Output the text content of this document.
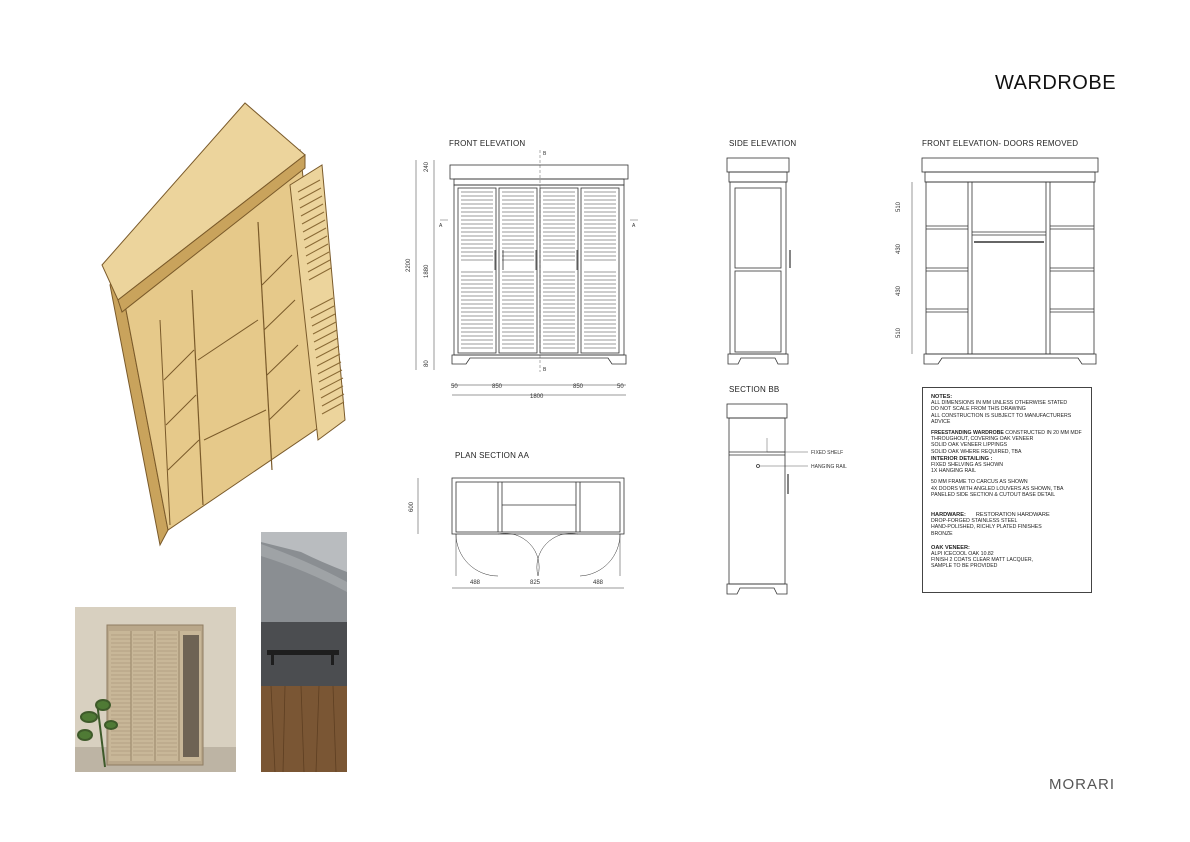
WARDROBE
MORARI
FRONT ELEVATION	SIDE ELEVATION	FRONT ELEVATION- DOORS REMOVED
PLAN SECTION AA
SECTION BB
240
2200 1880
80
50	850	850	50
1800
B
B
A	A
510
430
430
510
600
488	825	488
FIXED SHELF
HANGING RAIL

NOTES:

ALL DIMENSIONS IN MM UNLESS OTHERWISE STATED

DO NOT SCALE FROM THIS DRAWING

ALL CONSTRUCTION IS SUBJECT TO MANUFACTURERS

ADVICE

FREESTANDING WARDROBE CONSTRUCTED IN 20 MM MDF

THROUGHOUT, COVERING OAK VENEER

SOLID OAK VENEER LIPPINGS

SOLID OAK WHERE REQUIRED, TBA

INTERIOR DETAILING :

FIXED SHELVING AS SHOWN

1X HANGING RAIL

50 MM FRAME TO CARCUS AS SHOWN

4X DOORS WITH ANGLED LOUVERS AS SHOWN, TBA

PANELED SIDE SECTION & CUTOUT BASE DETAIL

HARDWARE: RESTORATION HARDWARE

DROP-FORGED STAINLESS STEEL

HAND-POLISHED, RICHLY PLATED FINISHES

BRONZE

OAK VENEER:

ALPI ICECOOL OAK 10.82

FINISH 2 COATS CLEAR MATT LACQUER,

SAMPLE TO BE PROVIDED
